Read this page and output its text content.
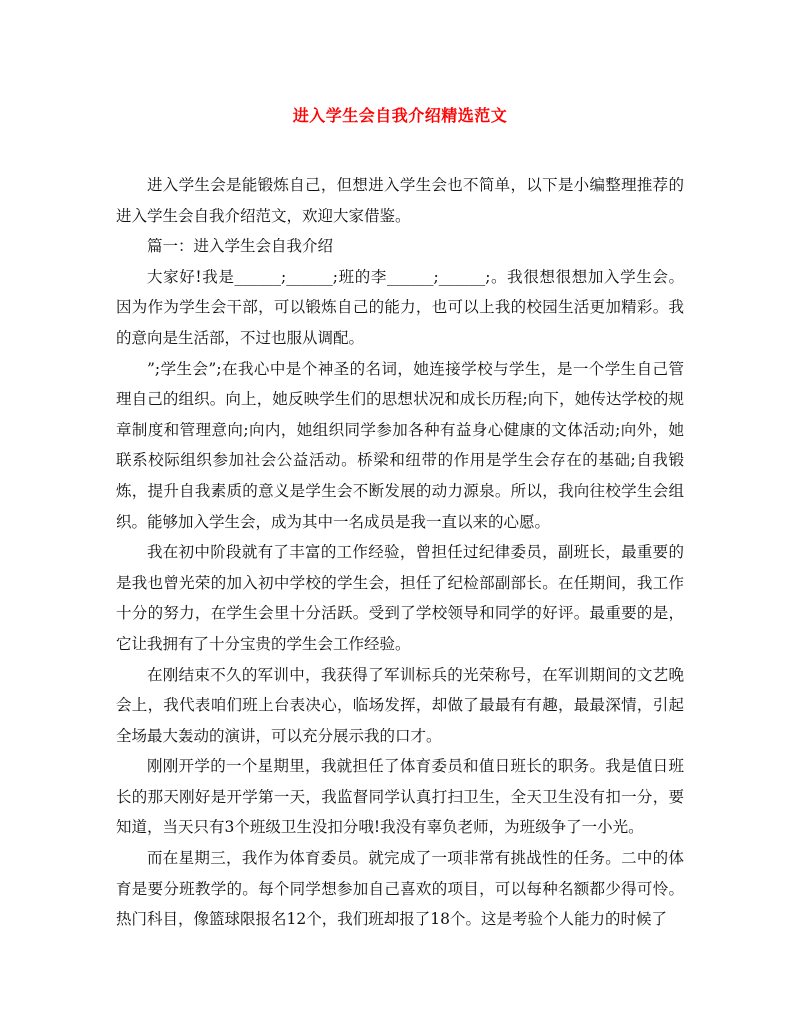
进入学生会自我介绍精选范文

进入学生会是能锻炼自己，但想进入学生会也不简单，以下是小编整理推荐的进入学生会自我介绍范文，欢迎大家借鉴。

篇一：进入学生会自我介绍

大家好!我是______;______;班的李______;______;。我很想很想加入学生会。因为作为学生会干部，可以锻炼自己的能力，也可以上我的校园生活更加精彩。我的意向是生活部，不过也服从调配。

”;学生会”;在我心中是个神圣的名词，她连接学校与学生，是一个学生自己管理自己的组织。向上，她反映学生们的思想状况和成长历程;向下，她传达学校的规章制度和管理意向;向内，她组织同学参加各种有益身心健康的文体活动;向外，她联系校际组织参加社会公益活动。桥梁和纽带的作用是学生会存在的基础;自我锻炼，提升自我素质的意义是学生会不断发展的动力源泉。所以，我向往校学生会组织。能够加入学生会，成为其中一名成员是我一直以来的心愿。

我在初中阶段就有了丰富的工作经验，曾担任过纪律委员，副班长，最重要的是我也曾光荣的加入初中学校的学生会，担任了纪检部副部长。在任期间，我工作十分的努力，在学生会里十分活跃。受到了学校领导和同学的好评。最重要的是，它让我拥有了十分宝贵的学生会工作经验。

在刚结束不久的军训中，我获得了军训标兵的光荣称号，在军训期间的文艺晚会上，我代表咱们班上台表决心，临场发挥，却做了最最有有趣，最最深情，引起全场最大轰动的演讲，可以充分展示我的口才。

刚刚开学的一个星期里，我就担任了体育委员和值日班长的职务。我是值日班长的那天刚好是开学第一天，我监督同学认真打扫卫生，全天卫生没有扣一分，要知道，当天只有3个班级卫生没扣分哦!我没有辜负老师，为班级争了一小光。

而在星期三，我作为体育委员。就完成了一项非常有挑战性的任务。二中的体育是要分班教学的。每个同学想参加自己喜欢的项目，可以每种名额都少得可怜。热门科目，像篮球限报名12个，我们班却报了18个。这是考验个人能力的时候了
